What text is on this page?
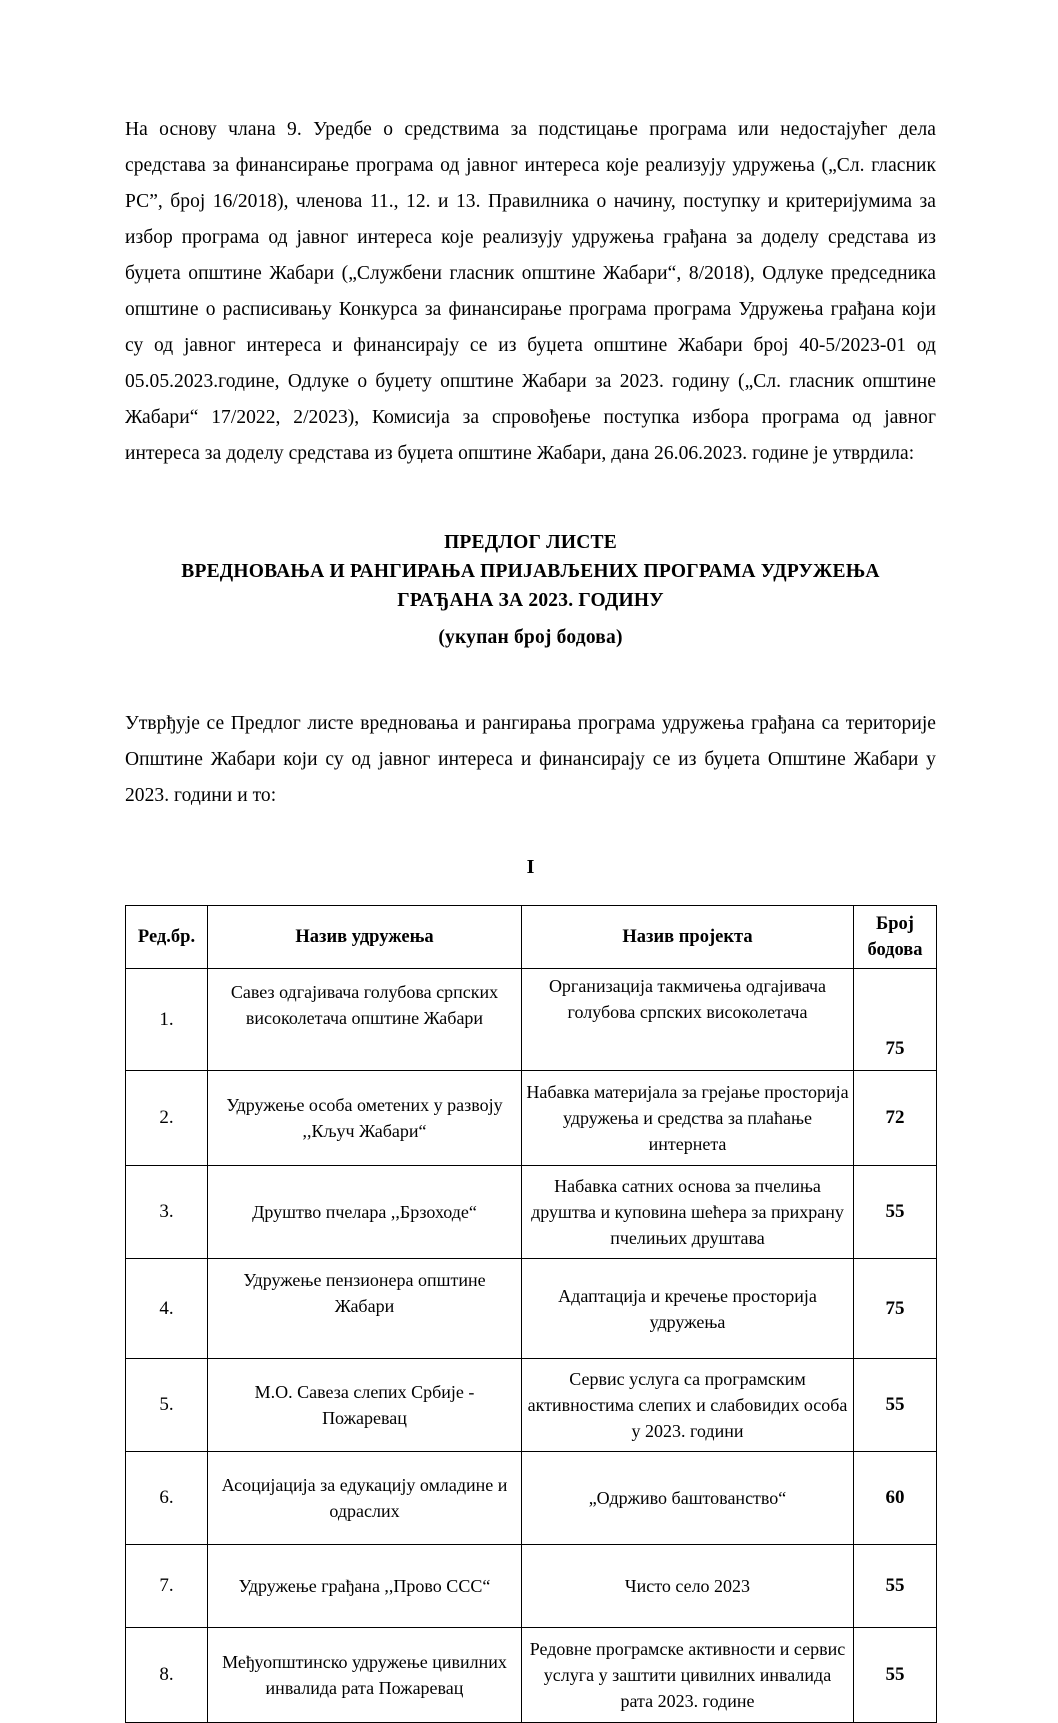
На основу члана 9. Уредбе о средствима за подстицање програма или недостајућег дела средстава за финансирање програма од јавног интереса које реализују удружења („Сл. гласник РС”, број 16/2018), членова 11., 12. и 13. Правилника о начину, поступку и критеријумима за избор програма од јавног интереса које реализују удружења грађана за доделу средстава из буџета општине Жабари („Службени гласник општине Жабари“, 8/2018), Одлуке председника општине о расписивању Конкурса за финансирање програма програма Удружења грађана који су од јавног интереса и финансирају се из буџета општине Жабари број 40-5/2023-01 од 05.05.2023.године, Одлуке о буџету општине Жабари за 2023. годину („Сл. гласник општине Жабари“ 17/2022, 2/2023), Комисија за спровођење поступка избора програма од јавног интереса за доделу средстава из буџета општине Жабари, дана 26.06.2023. године је утврдила:

ПРЕДЛОГ ЛИСТЕ
ВРЕДНОВАЊА И РАНГИРАЊА ПРИЈАВЉЕНИХ ПРОГРАМА УДРУЖЕЊА
ГРАЂАНА ЗА 2023. ГОДИНУ
(укупан број бодова)

Утврђује се Предлог листе вредновања и рангирања програма удружења грађана са територије Општине Жабари који су од јавног интереса и финансирају се из буџета Општине Жабари у 2023. години и то:

I
Ред.бр.	Назив удружења	Назив пројекта	Број бодова
1.	Савез одгајивача голубова српских високолетача општине Жабари	Организација такмичења одгајивача голубова српских високолетача	75
2.	Удружење особа ометених у развоју ,,Кључ Жабари“	Набавка материјала за грејање просторија удружења и средства за плаћање интернета	72
3.	Друштво пчелара ,,Брзоходе“	Набавка сатних основа за пчелиња друштва и куповина шећера за прихрану пчелињих друштава	55
4.	Удружење пензионера општине Жабари	Адаптација и кречење просторија удружења	75
5.	М.О. Савеза слепих Србије - Пожаревац	Сервис услуга са програмским активностима слепих и слабовидих особа у 2023. години	55
6.	Асоцијација за едукацију омладине и одраслих	„Одрживо баштованство“	60
7.	Удружење грађана ,,Прово ССС“	Чисто село 2023	55
8.	Међуопштинско удружење цивилних инвалида рата Пожаревац	Редовне програмске активности и сервис услуга у заштити цивилних инвалида рата 2023. године	55
